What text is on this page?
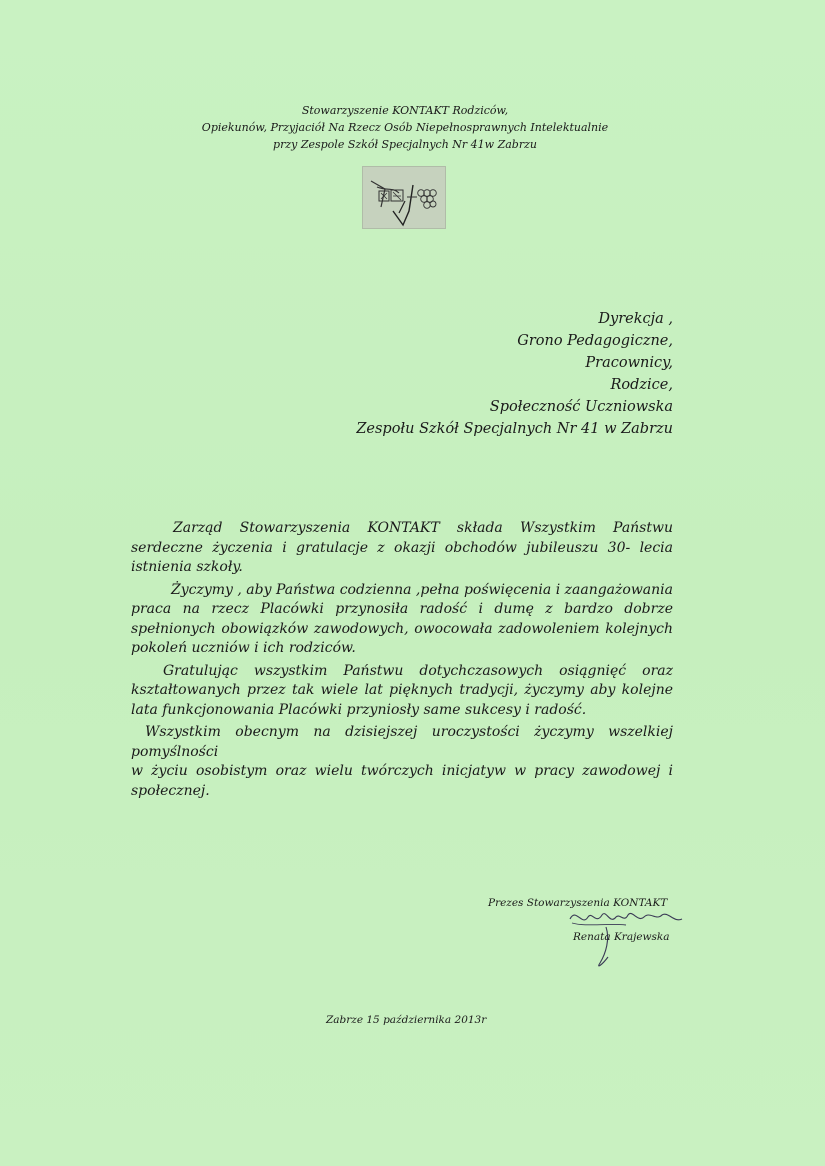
Stowarzyszenie KONTAKT Rodziców,
Opiekunów, Przyjaciół Na Rzecz Osób Niepełnosprawnych Intelektualnie
przy Zespole Szkół Specjalnych Nr 41w Zabrzu
Dyrekcja ,
Grono Pedagogiczne,
Pracownicy,
Rodzice,
Społeczność Uczniowska
Zespołu Szkół Specjalnych Nr 41 w Zabrzu

Zarząd Stowarzyszenia KONTAKT składa Wszystkim Państwu serdeczne życzenia i gratulacje z okazji obchodów jubileuszu 30- lecia istnienia szkoły.

Życzymy , aby Państwa codzienna ,pełna poświęcenia i zaangażowania praca na rzecz Placówki przynosiła radość i dumę z bardzo dobrze spełnionych obowiązków zawodowych, owocowała zadowoleniem kolejnych pokoleń uczniów i ich rodziców.

Gratulując wszystkim Państwu dotychczasowych osiągnięć oraz kształtowanych przez tak wiele lat pięknych tradycji, życzymy aby kolejne lata funkcjonowania Placówki przyniosły same sukcesy i radość.

Wszystkim obecnym na dzisiejszej uroczystości życzymy wszelkiej pomyślności

w życiu osobistym oraz wielu twórczych inicjatyw w pracy zawodowej i społecznej.

Prezes Stowarzyszenia KONTAKT
Renata Krajewska
Zabrze 15 października 2013r
